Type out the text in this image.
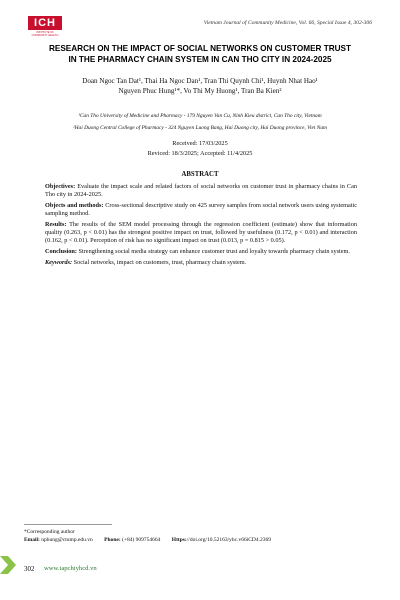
ICH
INSTITUTE OF COMMUNITY HEALTH
Vietnam Journal of Community Medicine, Vol. 66, Special Issue 4, 302-306
RESEARCH ON THE IMPACT OF SOCIAL NETWORKS ON CUSTOMER TRUST
IN THE PHARMACY CHAIN SYSTEM IN CAN THO CITY IN 2024-2025
Doan Ngoc Tan Dat¹, Thai Ha Ngoc Dan¹, Tran Thi Quynh Chi¹, Huynh Nhat Hao¹
Nguyen Phuc Hung¹*, Vo Thi My Huong¹, Tran Ba Kien²
¹Can Tho University of Medicine and Pharmacy - 179 Nguyen Van Cu, Ninh Kieu district, Can Tho city, Vietnam
²Hai Duong Central College of Pharmacy - 324 Nguyen Luong Bang, Hai Duong city, Hai Duong province, Viet Nam
Received: 17/03/2025
Reviced: 18/3/2025; Accepted: 11/4/2025
ABSTRACT

Objectives: Evaluate the impact scale and related factors of social networks on customer trust in pharmacy chains in Can Tho city in 2024-2025.

Objects and methods: Cross-sectional descriptive study on 425 survey samples from social network users using systematic sampling method.

Results: The results of the SEM model processing through the regression coefficient (estimate) show that information quality (0.263, p < 0.01) has the strongest positive impact on trust, followed by usefulness (0.172, p < 0.01) and interaction (0.162, p < 0.01). Perception of risk has no significant impact on trust (0.013, p = 0.815 > 0.05).

Conclusion: Strengthening social media strategy can enhance customer trust and loyalty towards pharmacy chain system.

Keywords: Social networks, impact on customers, trust, pharmacy chain system.

*Corresponding author
Email: nphung@ctump.edu.vn Phone: (+84) 909754664 Https://doi.org/10.52163/yhc.v66iCD4.2369
302 www.tapchiyhcd.vn
